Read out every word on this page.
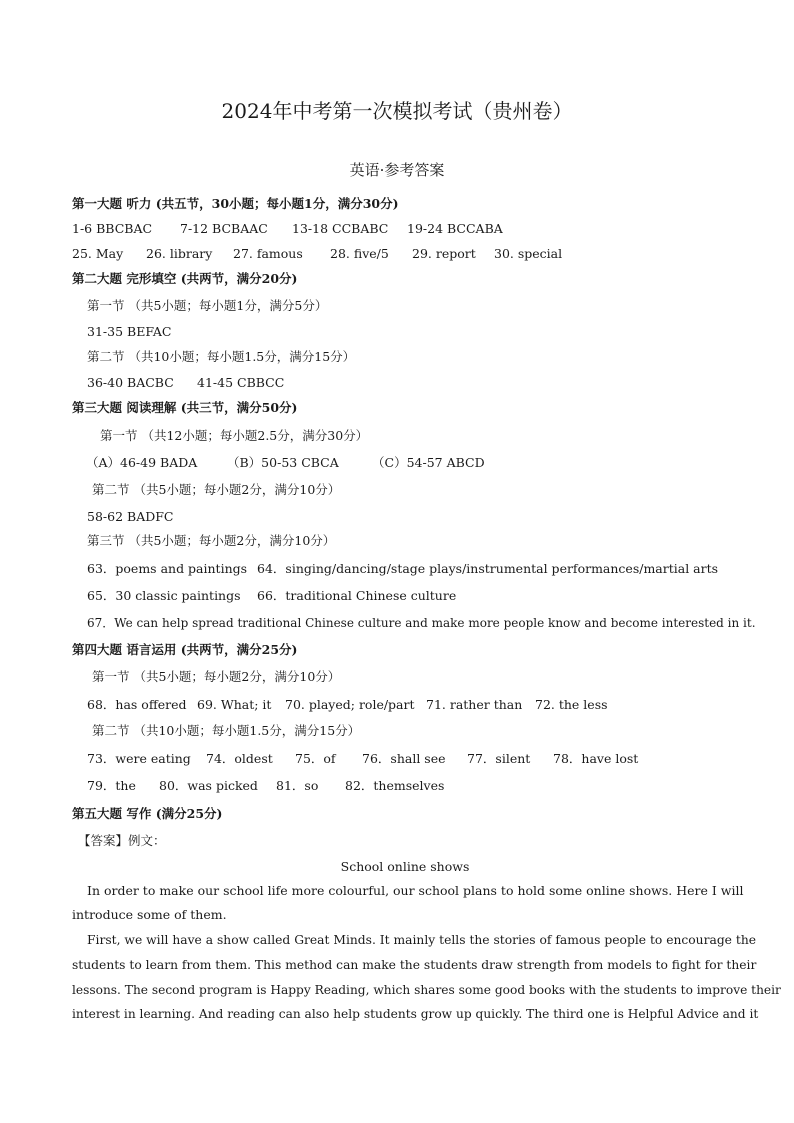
2024年中考第一次模拟考试（贵州卷）
英语·参考答案
第一大题 听力 (共五节，30小题；每小题1分，满分30分)
1-6 BBCBAC 7-12 BCBAAC 13-18 CCBABC 19-24 BCCABA
25. May 26. library 27. famous 28. five/5 29. report 30. special
第二大题 完形填空 (共两节，满分20分)
第一节 （共5小题；每小题1分，满分5分）
31-35 BEFAC
第二节 （共10小题；每小题1.5分，满分15分）
36-40 BACBC 41-45 CBBCC
第三大题 阅读理解 (共三节，满分50分)
第一节 （共12小题；每小题2.5分，满分30分）
（A）46-49 BADA （B）50-53 CBCA	（C）54-57 ABCD
第二节 （共5小题；每小题2分，满分10分）
58-62 BADFC
第三节 （共5小题；每小题2分，满分10分）
63．poems and paintings 64．singing/dancing/stage plays/instrumental performances/martial arts
65．30 classic paintings 66．traditional Chinese culture
67．We can help spread traditional Chinese culture and make more people know and become interested in it.
第四大题 语言运用 (共两节，满分25分)
第一节 （共5小题；每小题2分，满分10分）
68．has offered 69. What; it 70. played; role/part 71. rather than 72. the less
第二节 （共10小题；每小题1.5分，满分15分）
73．were eating 74．oldest 75．of 76．shall see 77．silent 78．have lost
79．the 80．was picked 81．so 82．themselves
第五大题 写作 (满分25分)
【答案】例文：
School online shows
In order to make our school life more colourful, our school plans to hold some online shows. Here I will
introduce some of them.
First, we will have a show called Great Minds. It mainly tells the stories of famous people to encourage the
students to learn from them. This method can make the students draw strength from models to fight for their
lessons. The second program is Happy Reading, which shares some good books with the students to improve their
interest in learning. And reading can also help students grow up quickly. The third one is Helpful Advice and it
